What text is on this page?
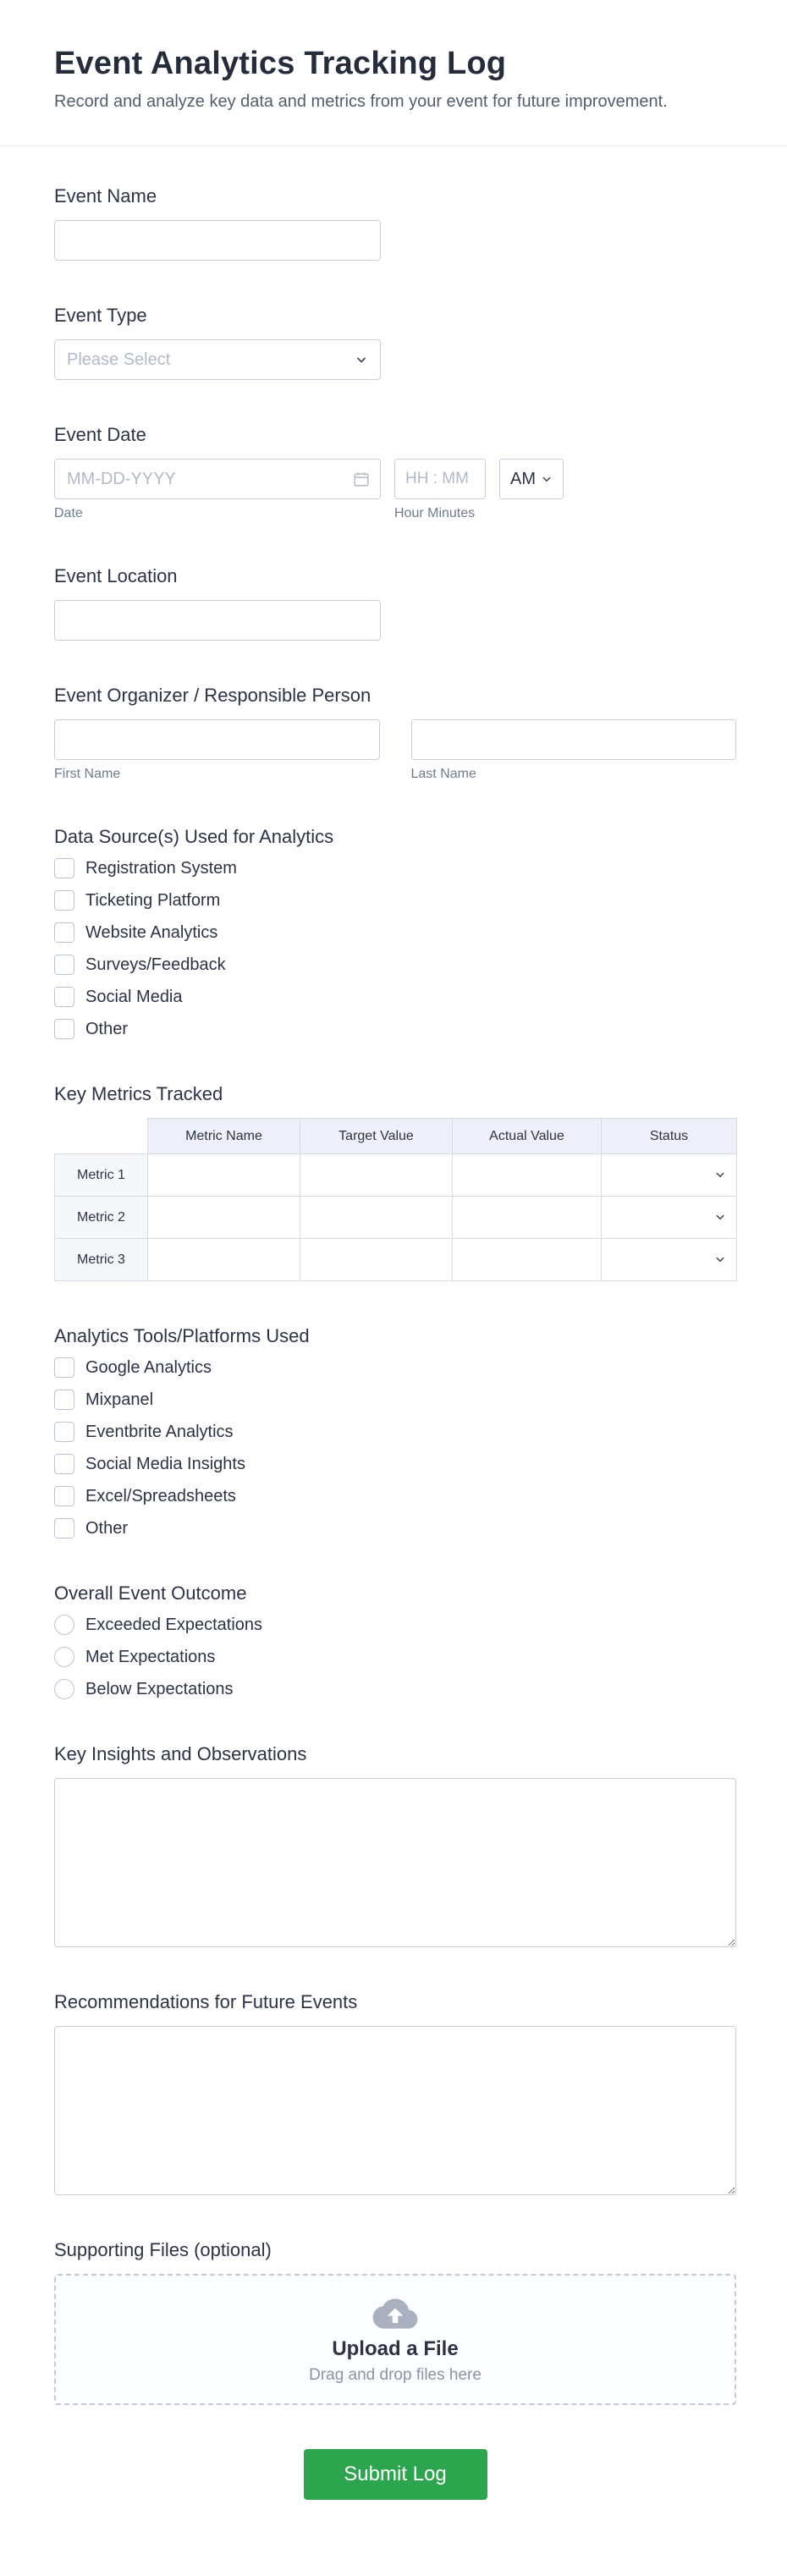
Event Analytics Tracking Log
Record and analyze key data and metrics from your event for future improvement.
Event Name
Event Type
Please Select
Event Date
MM-DD-YYYY
Date
HH : MM	Hour Minutes
AM
Event Location
Event Organizer / Responsible Person
First Name	Last Name
Data Source(s) Used for Analytics
Registration System
Ticketing Platform
Website Analytics
Surveys/Feedback
Social Media
Other
Key Metrics Tracked
	Metric Name	Target Value	Actual Value	Status
Metric 1				
Metric 2				
Metric 3				
Analytics Tools/Platforms Used
Google Analytics
Mixpanel
Eventbrite Analytics
Social Media Insights
Excel/Spreadsheets
Other
Overall Event Outcome
Exceeded Expectations
Met Expectations
Below Expectations
Key Insights and Observations
Recommendations for Future Events
Supporting Files (optional)
Upload a File
Drag and drop files here
Submit Log
